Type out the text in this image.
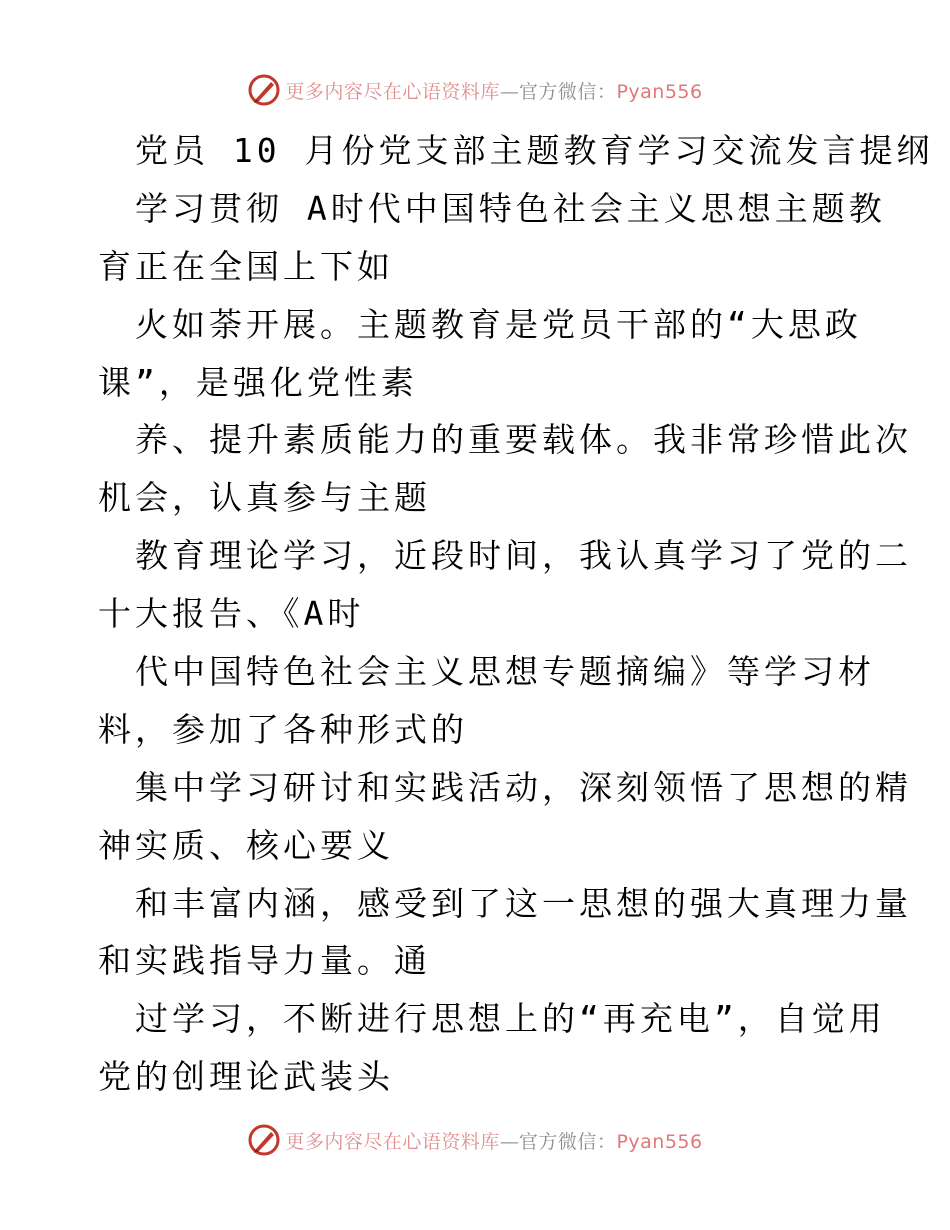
更多内容尽在心语资料库—官方微信：Pyan556
党员 10 月份党支部主题教育学习交流发言提纲
学习贯彻 A时代中国特色社会主义思想主题教
育正在全国上下如
火如荼开展。主题教育是党员干部的“大思政
课”，是强化党性素
养、提升素质能力的重要载体。我非常珍惜此次
机会，认真参与主题
教育理论学习，近段时间，我认真学习了党的二
十大报告、《A时
代中国特色社会主义思想专题摘编》等学习材
料，参加了各种形式的
集中学习研讨和实践活动，深刻领悟了思想的精
神实质、核心要义
和丰富内涵，感受到了这一思想的强大真理力量
和实践指导力量。通
过学习，不断进行思想上的“再充电”，自觉用
党的创理论武装头
更多内容尽在心语资料库—官方微信：Pyan556
